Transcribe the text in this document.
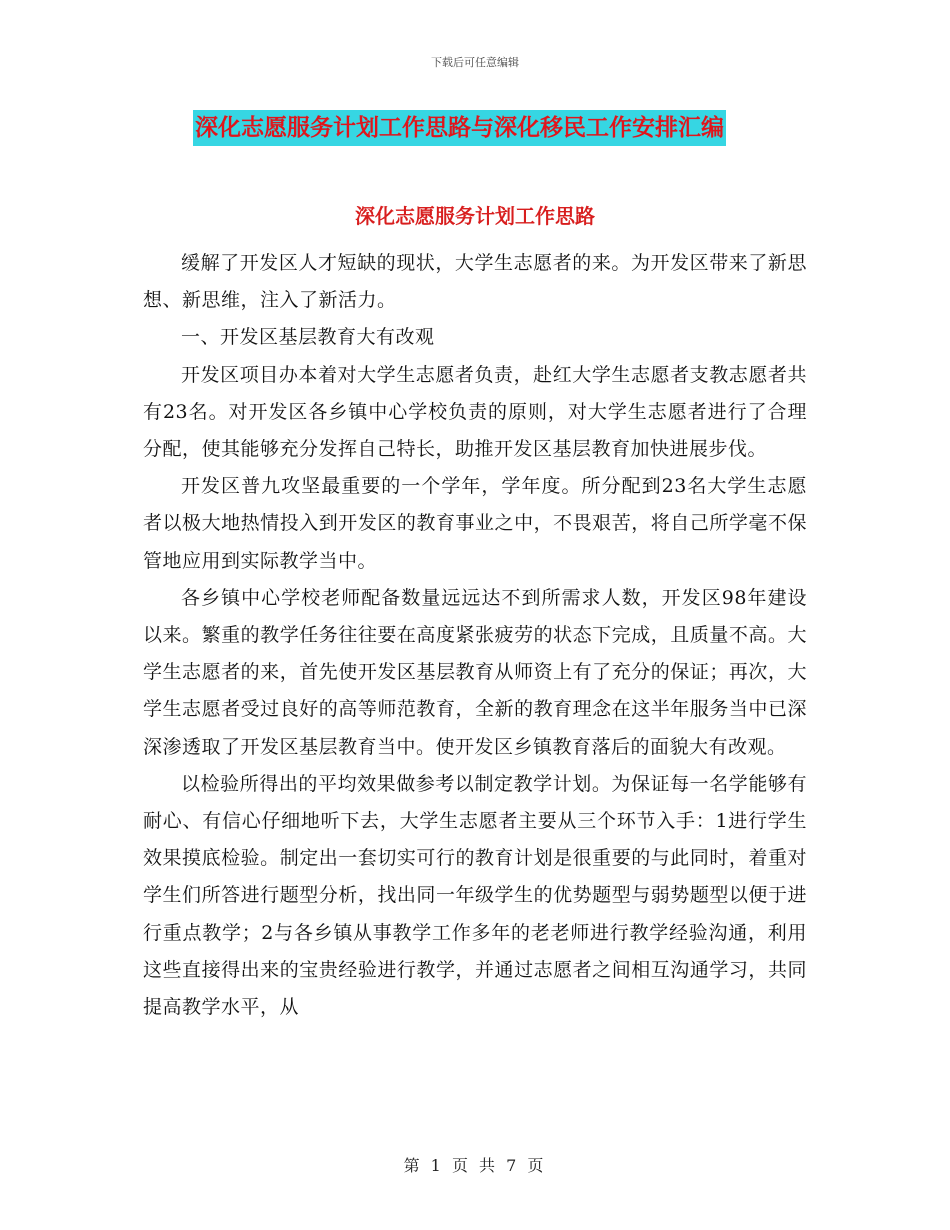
下载后可任意编辑
深化志愿服务计划工作思路与深化移民工作安排汇编
深化志愿服务计划工作思路

缓解了开发区人才短缺的现状，大学生志愿者的来。为开发区带来了新思想、新思维，注入了新活力。

一、开发区基层教育大有改观

开发区项目办本着对大学生志愿者负责，赴红大学生志愿者支教志愿者共有23名。对开发区各乡镇中心学校负责的原则，对大学生志愿者进行了合理分配，使其能够充分发挥自己特长，助推开发区基层教育加快进展步伐。

开发区普九攻坚最重要的一个学年，学年度。所分配到23名大学生志愿者以极大地热情投入到开发区的教育事业之中，不畏艰苦，将自己所学毫不保管地应用到实际教学当中。

各乡镇中心学校老师配备数量远远达不到所需求人数，开发区98年建设以来。繁重的教学任务往往要在高度紧张疲劳的状态下完成，且质量不高。大学生志愿者的来，首先使开发区基层教育从师资上有了充分的保证；再次，大学生志愿者受过良好的高等师范教育，全新的教育理念在这半年服务当中已深深渗透取了开发区基层教育当中。使开发区乡镇教育落后的面貌大有改观。

以检验所得出的平均效果做参考以制定教学计划。为保证每一名学能够有耐心、有信心仔细地听下去，大学生志愿者主要从三个环节入手：1进行学生效果摸底检验。制定出一套切实可行的教育计划是很重要的与此同时，着重对学生们所答进行题型分析，找出同一年级学生的优势题型与弱势题型以便于进行重点教学；2与各乡镇从事教学工作多年的老老师进行教学经验沟通，利用这些直接得出来的宝贵经验进行教学，并通过志愿者之间相互沟通学习，共同提高教学水平，从

第 1 页 共 7 页
